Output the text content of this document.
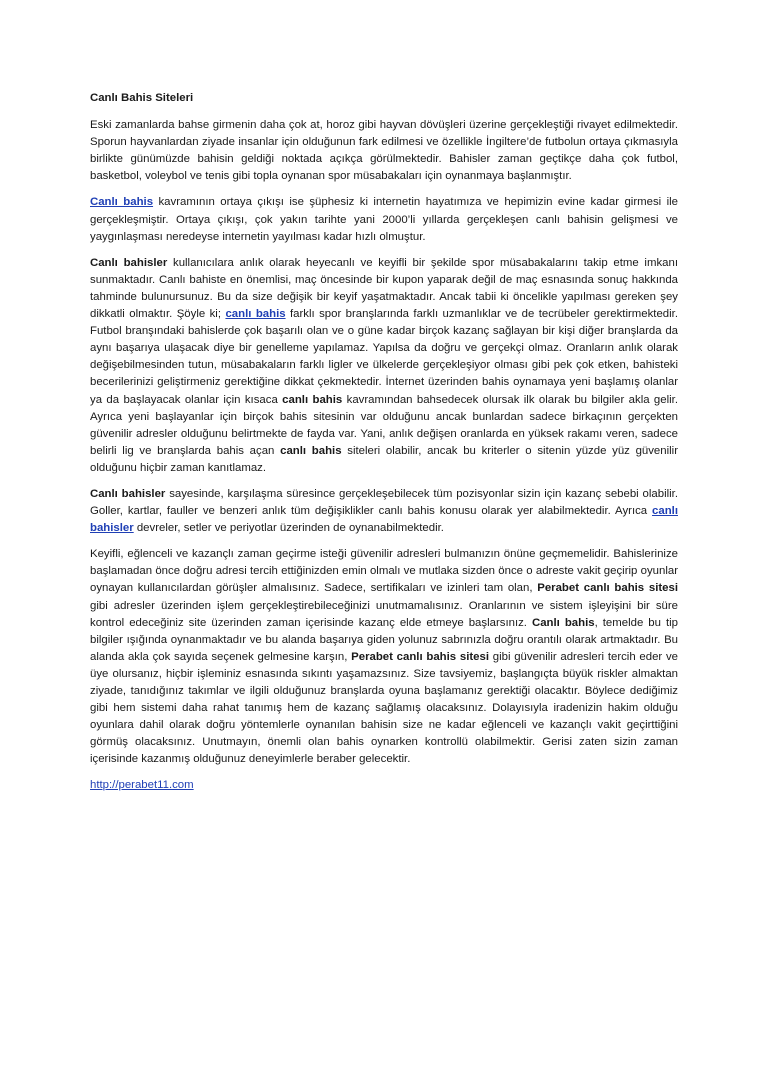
Canlı Bahis Siteleri

Eski zamanlarda bahse girmenin daha çok at, horoz gibi hayvan dövüşleri üzerine gerçekleştiği rivayet edilmektedir. Sporun hayvanlardan ziyade insanlar için olduğunun fark edilmesi ve özellikle İngiltere’de futbolun ortaya çıkmasıyla birlikte günümüzde bahisin geldiği noktada açıkça görülmektedir. Bahisler zaman geçtikçe daha çok futbol, basketbol, voleybol ve tenis gibi topla oynanan spor müsabakaları için oynanmaya başlanmıştır.

Canlı bahis kavramının ortaya çıkışı ise şüphesiz ki internetin hayatımıza ve hepimizin evine kadar girmesi ile gerçekleşmiştir. Ortaya çıkışı, çok yakın tarihte yani 2000’li yıllarda gerçekleşen canlı bahisin gelişmesi ve yaygınlaşması neredeyse internetin yayılması kadar hızlı olmuştur.

Canlı bahisler kullanıcılara anlık olarak heyecanlı ve keyifli bir şekilde spor müsabakalarını takip etme imkanı sunmaktadır. Canlı bahiste en önemlisi, maç öncesinde bir kupon yaparak değil de maç esnasında sonuç hakkında tahminde bulunursunuz. Bu da size değişik bir keyif yaşatmaktadır. Ancak tabii ki öncelikle yapılması gereken şey dikkatli olmaktır. Şöyle ki; canlı bahis farklı spor branşlarında farklı uzmanlıklar ve de tecrübeler gerektirmektedir. Futbol branşındaki bahislerde çok başarılı olan ve o güne kadar birçok kazanç sağlayan bir kişi diğer branşlarda da aynı başarıya ulaşacak diye bir genelleme yapılamaz. Yapılsa da doğru ve gerçekçi olmaz. Oranların anlık olarak değişebilmesinden tutun, müsabakaların farklı ligler ve ülkelerde gerçekleşiyor olması gibi pek çok etken, bahisteki becerilerinizi geliştirmeniz gerektiğine dikkat çekmektedir. İnternet üzerinden bahis oynamaya yeni başlamış olanlar ya da başlayacak olanlar için kısaca canlı bahis kavramından bahsedecek olursak ilk olarak bu bilgiler akla gelir. Ayrıca yeni başlayanlar için birçok bahis sitesinin var olduğunu ancak bunlardan sadece birkaçının gerçekten güvenilir adresler olduğunu belirtmekte de fayda var. Yani, anlık değişen oranlarda en yüksek rakamı veren, sadece belirli lig ve branşlarda bahis açan canlı bahis siteleri olabilir, ancak bu kriterler o sitenin yüzde yüz güvenilir olduğunu hiçbir zaman kanıtlamaz.

Canlı bahisler sayesinde, karşılaşma süresince gerçekleşebilecek tüm pozisyonlar sizin için kazanç sebebi olabilir. Goller, kartlar, fauller ve benzeri anlık tüm değişiklikler canlı bahis konusu olarak yer alabilmektedir. Ayrıca canlı bahisler devreler, setler ve periyotlar üzerinden de oynanabilmektedir.

Keyifli, eğlenceli ve kazançlı zaman geçirme isteği güvenilir adresleri bulmanızın önüne geçmemelidir. Bahislerinize başlamadan önce doğru adresi tercih ettiğinizden emin olmalı ve mutlaka sizden önce o adreste vakit geçirip oyunlar oynayan kullanıcılardan görüşler almalısınız. Sadece, sertifikaları ve izinleri tam olan, Perabet canlı bahis sitesi gibi adresler üzerinden işlem gerçekleştirebileceğinizi unutmamalısınız. Oranlarının ve sistem işleyişini bir süre kontrol edeceğiniz site üzerinden zaman içerisinde kazanç elde etmeye başlarsınız. Canlı bahis, temelde bu tip bilgiler ışığında oynanmaktadır ve bu alanda başarıya giden yolunuz sabrınızla doğru orantılı olarak artmaktadır. Bu alanda akla çok sayıda seçenek gelmesine karşın, Perabet canlı bahis sitesi gibi güvenilir adresleri tercih eder ve üye olursanız, hiçbir işleminiz esnasında sıkıntı yaşamazsınız. Size tavsiyemiz, başlangıçta büyük riskler almaktan ziyade, tanıdığınız takımlar ve ilgili olduğunuz branşlarda oyuna başlamanız gerektiği olacaktır. Böylece dediğimiz gibi hem sistemi daha rahat tanımış hem de kazanç sağlamış olacaksınız. Dolayısıyla iradenizin hakim olduğu oyunlara dahil olarak doğru yöntemlerle oynanılan bahisin size ne kadar eğlenceli ve kazançlı vakit geçirttiğini görmüş olacaksınız. Unutmayın, önemli olan bahis oynarken kontrollü olabilmektir. Gerisi zaten sizin zaman içerisinde kazanmış olduğunuz deneyimlerle beraber gelecektir.

http://perabet11.com
